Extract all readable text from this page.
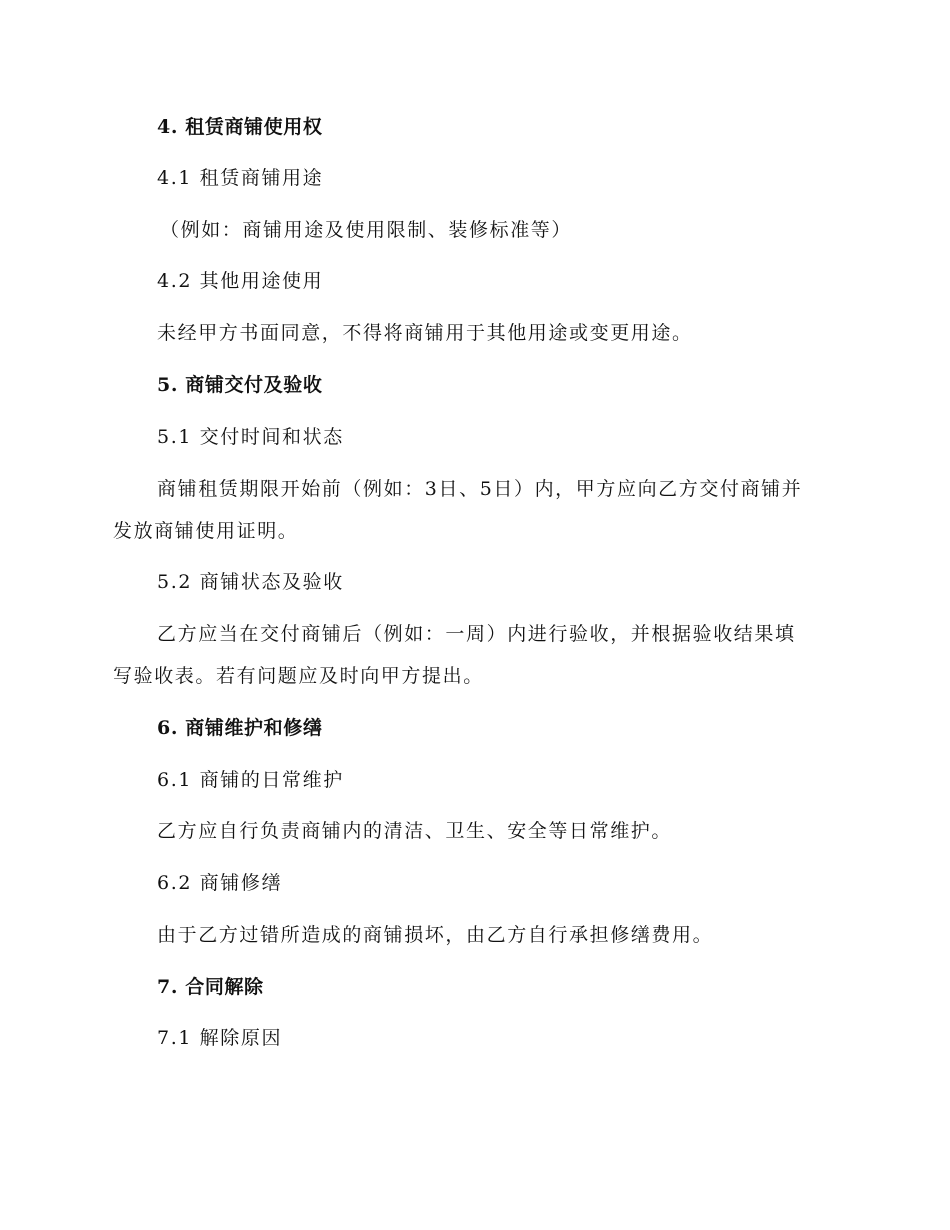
4. 租赁商铺使用权
4.1 租赁商铺用途
（例如：商铺用途及使用限制、装修标准等）
4.2 其他用途使用
未经甲方书面同意，不得将商铺用于其他用途或变更用途。
5. 商铺交付及验收
5.1 交付时间和状态
商铺租赁期限开始前（例如：3日、5日）内，甲方应向乙方交付商铺并
发放商铺使用证明。
5.2 商铺状态及验收
乙方应当在交付商铺后（例如：一周）内进行验收，并根据验收结果填
写验收表。若有问题应及时向甲方提出。
6. 商铺维护和修缮
6.1 商铺的日常维护
乙方应自行负责商铺内的清洁、卫生、安全等日常维护。
6.2 商铺修缮
由于乙方过错所造成的商铺损坏，由乙方自行承担修缮费用。
7. 合同解除
7.1 解除原因
